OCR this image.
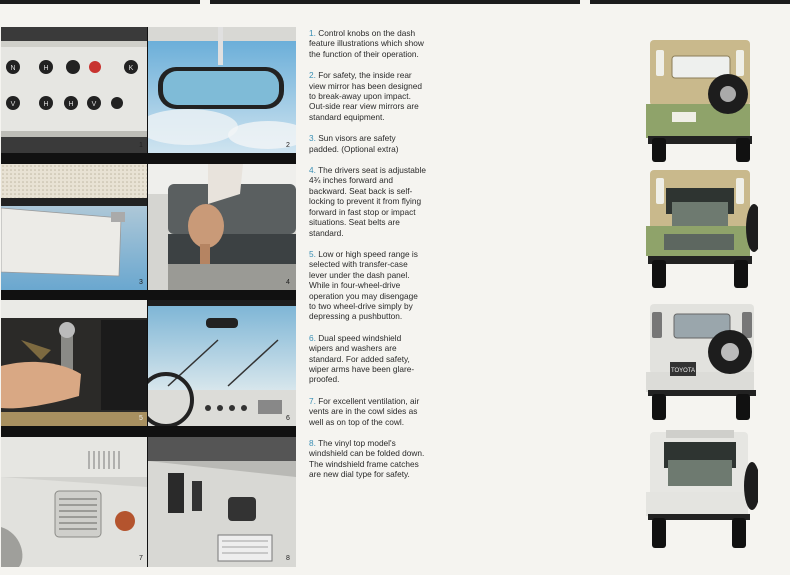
N	H	K
V	H	H	V
1	2
3	4
5	6
7	8

1. Control knobs on the dash feature illustrations which show the function of their operation.

2. For safety, the inside rear view mirror has been designed to break-away upon impact. Out-side rear view mirrors are standard equipment.

3. Sun visors are safety padded. (Optional extra)

4. The drivers seat is adjustable 4¾ inches forward and backward. Seat back is self-locking to prevent it from flying forward in fast stop or impact situations. Seat belts are standard.

5. Low or high speed range is selected with transfer-case lever under the dash panel. While in four-wheel-drive operation you may disengage to two wheel-drive simply by depressing a pushbutton.

6. Dual speed windshield wipers and washers are standard. For added safety, wiper arms have been glare-proofed.

7. For excellent ventilation, air vents are in the cowl sides as well as on top of the cowl.

8. The vinyl top model's windshield can be folded down. The windshield frame catches are new dial type for safety.

TOYOTA
